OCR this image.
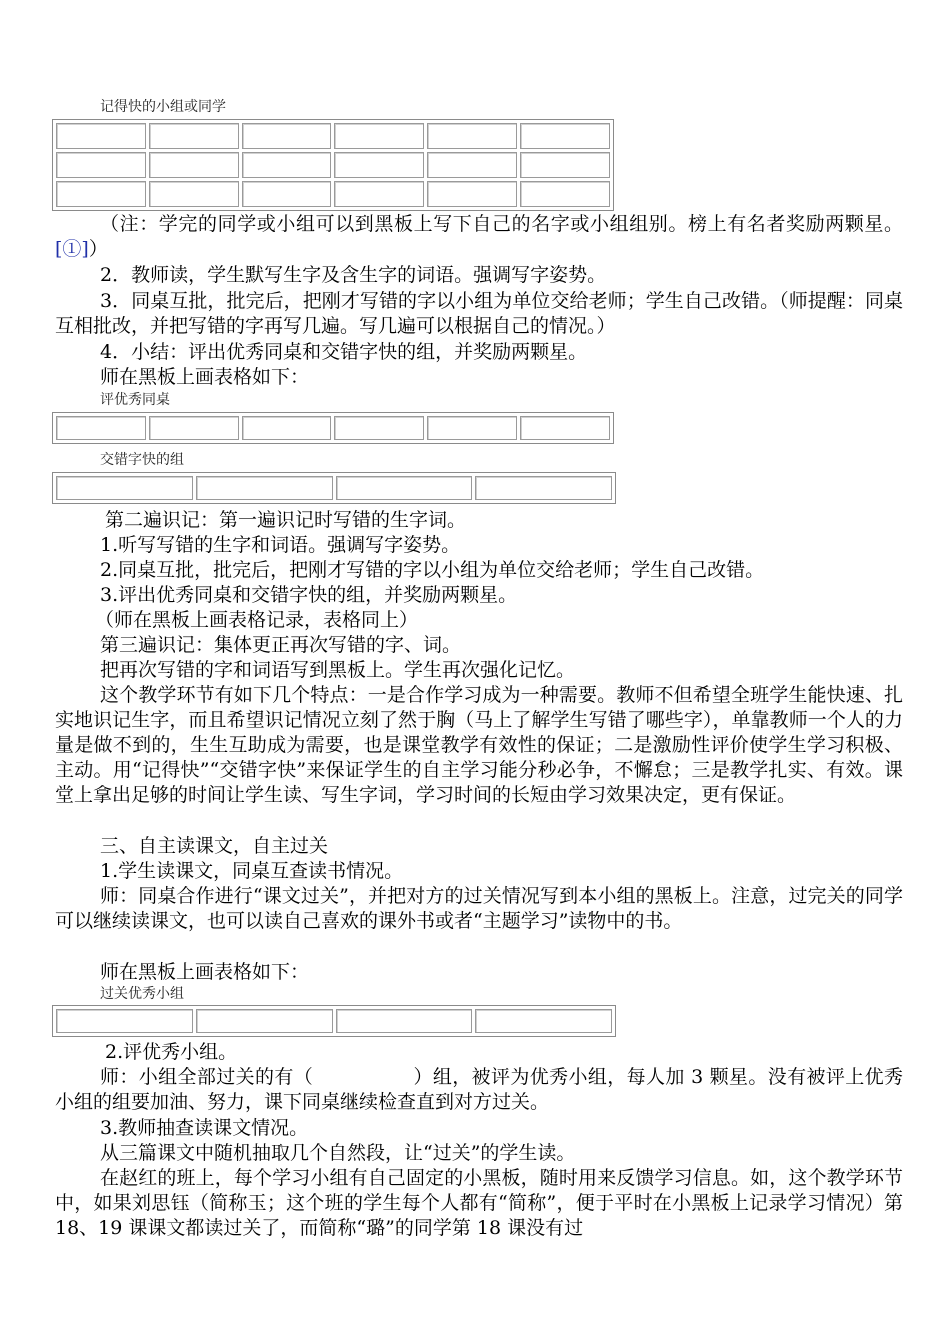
记得快的小组或同学

（注：学完的同学或小组可以到黑板上写下自己的名字或小组组别。榜上有名者奖励两颗星。[①]）

2．教师读，学生默写生字及含生字的词语。强调写字姿势。

3．同桌互批，批完后，把刚才写错的字以小组为单位交给老师；学生自己改错。（师提醒：同桌互相批改，并把写错的字再写几遍。写几遍可以根据自己的情况。）

4．小结：评出优秀同桌和交错字快的组，并奖励两颗星。

师在黑板上画表格如下：

评优秀同桌

交错字快的组

第二遍识记：第一遍识记时写错的生字词。

1.听写写错的生字和词语。强调写字姿势。

2.同桌互批，批完后，把刚才写错的字以小组为单位交给老师；学生自己改错。

3.评出优秀同桌和交错字快的组，并奖励两颗星。

（师在黑板上画表格记录，表格同上）

第三遍识记：集体更正再次写错的字、词。

把再次写错的字和词语写到黑板上。学生再次强化记忆。

这个教学环节有如下几个特点：一是合作学习成为一种需要。教师不但希望全班学生能快速、扎实地识记生字，而且希望识记情况立刻了然于胸（马上了解学生写错了哪些字），单靠教师一个人的力量是做不到的，生生互助成为需要，也是课堂教学有效性的保证；二是激励性评价使学生学习积极、主动。用“记得快”“交错字快”来保证学生的自主学习能分秒必争，不懈怠；三是教学扎实、有效。课堂上拿出足够的时间让学生读、写生字词，学习时间的长短由学习效果决定，更有保证。

三、自主读课文，自主过关

1.学生读课文，同桌互查读书情况。

师：同桌合作进行“课文过关”，并把对方的过关情况写到本小组的黑板上。注意，过完关的同学可以继续读课文，也可以读自己喜欢的课外书或者“主题学习”读物中的书。

师在黑板上画表格如下：

过关优秀小组

2.评优秀小组。

师：小组全部过关的有（	）组，被评为优秀小组，每人加 3 颗星。没有被评上优秀小组的组要加油、努力，课下同桌继续检查直到对方过关。

3.教师抽查读课文情况。

从三篇课文中随机抽取几个自然段，让“过关”的学生读。

在赵红的班上，每个学习小组有自己固定的小黑板，随时用来反馈学习信息。如，这个教学环节中，如果刘思钰（简称玉；这个班的学生每个人都有“简称”，便于平时在小黑板上记录学习情况）第 18、19 课课文都读过关了，而简称“璐”的同学第 18 课没有过
